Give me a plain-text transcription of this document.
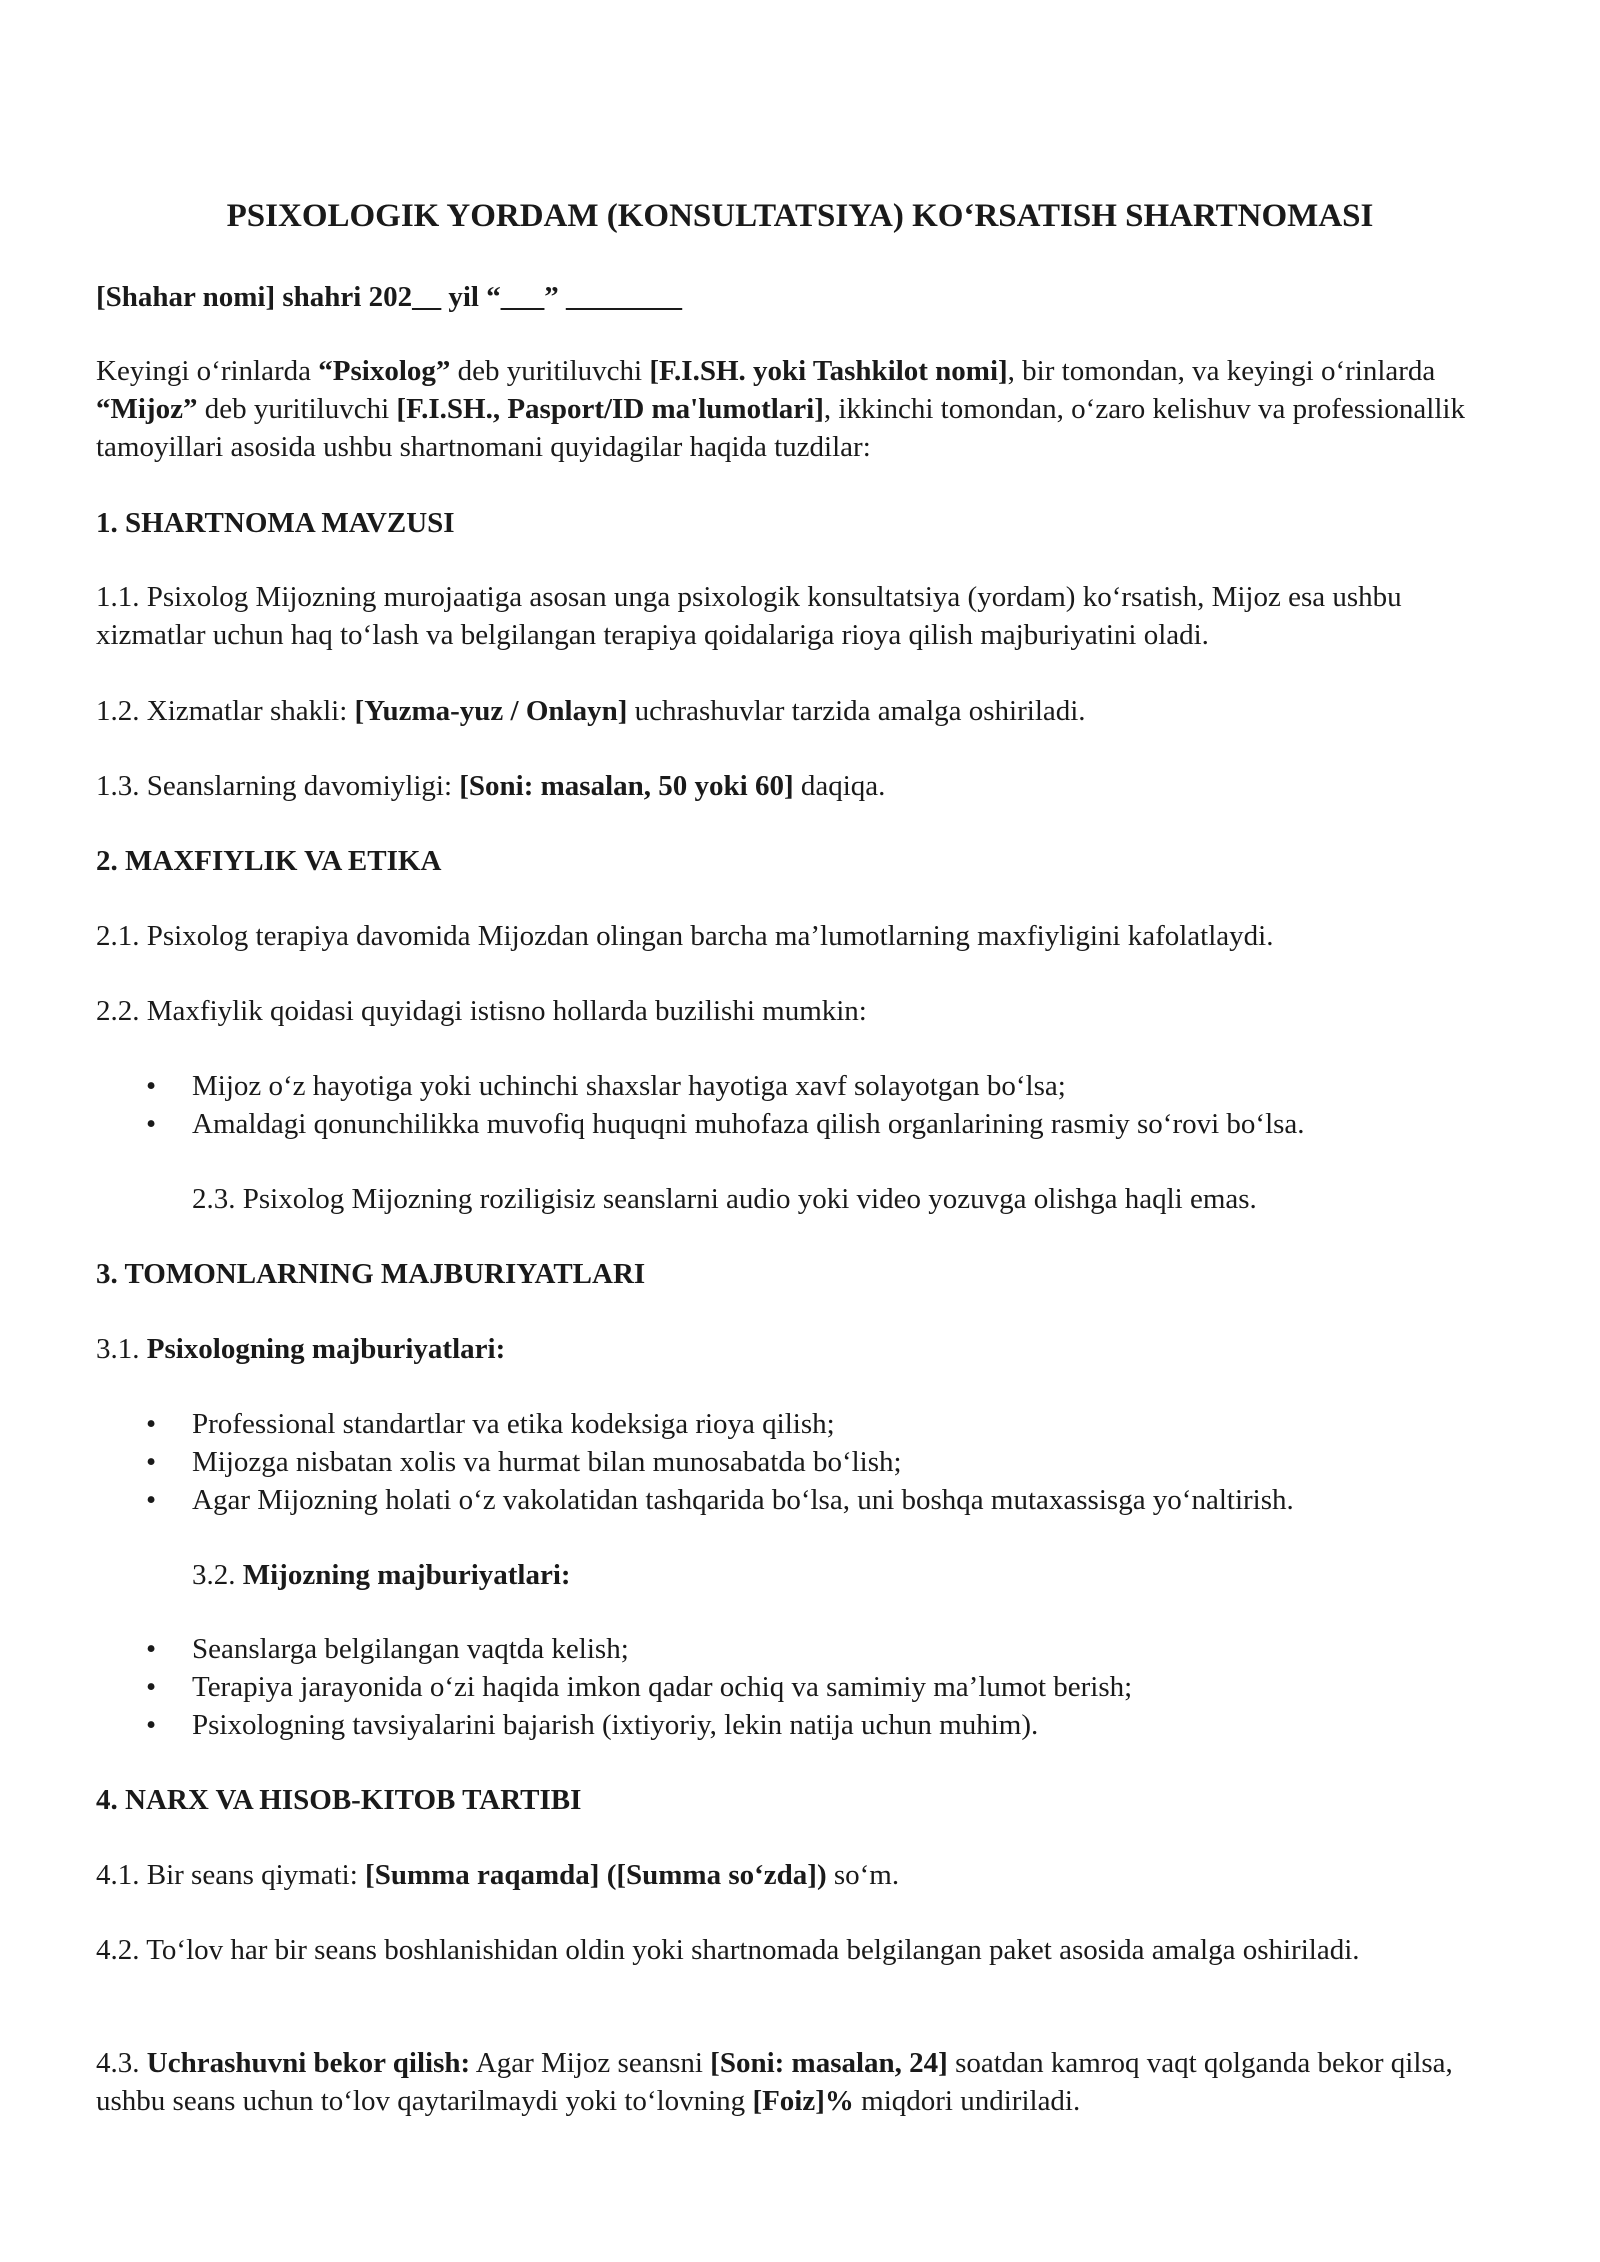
PSIXOLOGIK YORDAM (KONSULTATSIYA) KO‘RSATISH SHARTNOMASI

[Shahar nomi] shahri 202__ yil “___” ________

Keyingi o‘rinlarda “Psixolog” deb yuritiluvchi [F.I.SH. yoki Tashkilot nomi], bir tomondan, va keyingi o‘rinlarda “Mijoz” deb yuritiluvchi [F.I.SH., Pasport/ID ma'lumotlari], ikkinchi tomondan, o‘zaro kelishuv va professionallik tamoyillari asosida ushbu shartnomani quyidagilar haqida tuzdilar:

1. SHARTNOMA MAVZUSI

1.1. Psixolog Mijozning murojaatiga asosan unga psixologik konsultatsiya (yordam) ko‘rsatish, Mijoz esa ushbu xizmatlar uchun haq to‘lash va belgilangan terapiya qoidalariga rioya qilish majburiyatini oladi.

1.2. Xizmatlar shakli: [Yuzma-yuz / Onlayn] uchrashuvlar tarzida amalga oshiriladi.

1.3. Seanslarning davomiyligi: [Soni: masalan, 50 yoki 60] daqiqa.

2. MAXFIYLIK VA ETIKA

2.1. Psixolog terapiya davomida Mijozdan olingan barcha ma’lumotlarning maxfiyligini kafolatlaydi.

2.2. Maxfiylik qoidasi quyidagi istisno hollarda buzilishi mumkin:

• Mijoz o‘z hayotiga yoki uchinchi shaxslar hayotiga xavf solayotgan bo‘lsa;
• Amaldagi qonunchilikka muvofiq huquqni muhofaza qilish organlarining rasmiy so‘rovi bo‘lsa.

2.3. Psixolog Mijozning roziligisiz seanslarni audio yoki video yozuvga olishga haqli emas.

3. TOMONLARNING MAJBURIYATLARI

3.1. Psixologning majburiyatlari:

• Professional standartlar va etika kodeksiga rioya qilish;
• Mijozga nisbatan xolis va hurmat bilan munosabatda bo‘lish;
• Agar Mijozning holati o‘z vakolatidan tashqarida bo‘lsa, uni boshqa mutaxassisga yo‘naltirish.

3.2. Mijozning majburiyatlari:

• Seanslarga belgilangan vaqtda kelish;
• Terapiya jarayonida o‘zi haqida imkon qadar ochiq va samimiy ma’lumot berish;
• Psixologning tavsiyalarini bajarish (ixtiyoriy, lekin natija uchun muhim).
4. NARX VA HISOB-KITOB TARTIBI

4.1. Bir seans qiymati: [Summa raqamda] ([Summa so‘zda]) so‘m.

4.2. To‘lov har bir seans boshlanishidan oldin yoki shartnomada belgilangan paket asosida amalga oshiriladi.

4.3. Uchrashuvni bekor qilish: Agar Mijoz seansni [Soni: masalan, 24] soatdan kamroq vaqt qolganda bekor qilsa, ushbu seans uchun to‘lov qaytarilmaydi yoki to‘lovning [Foiz]% miqdori undiriladi.
